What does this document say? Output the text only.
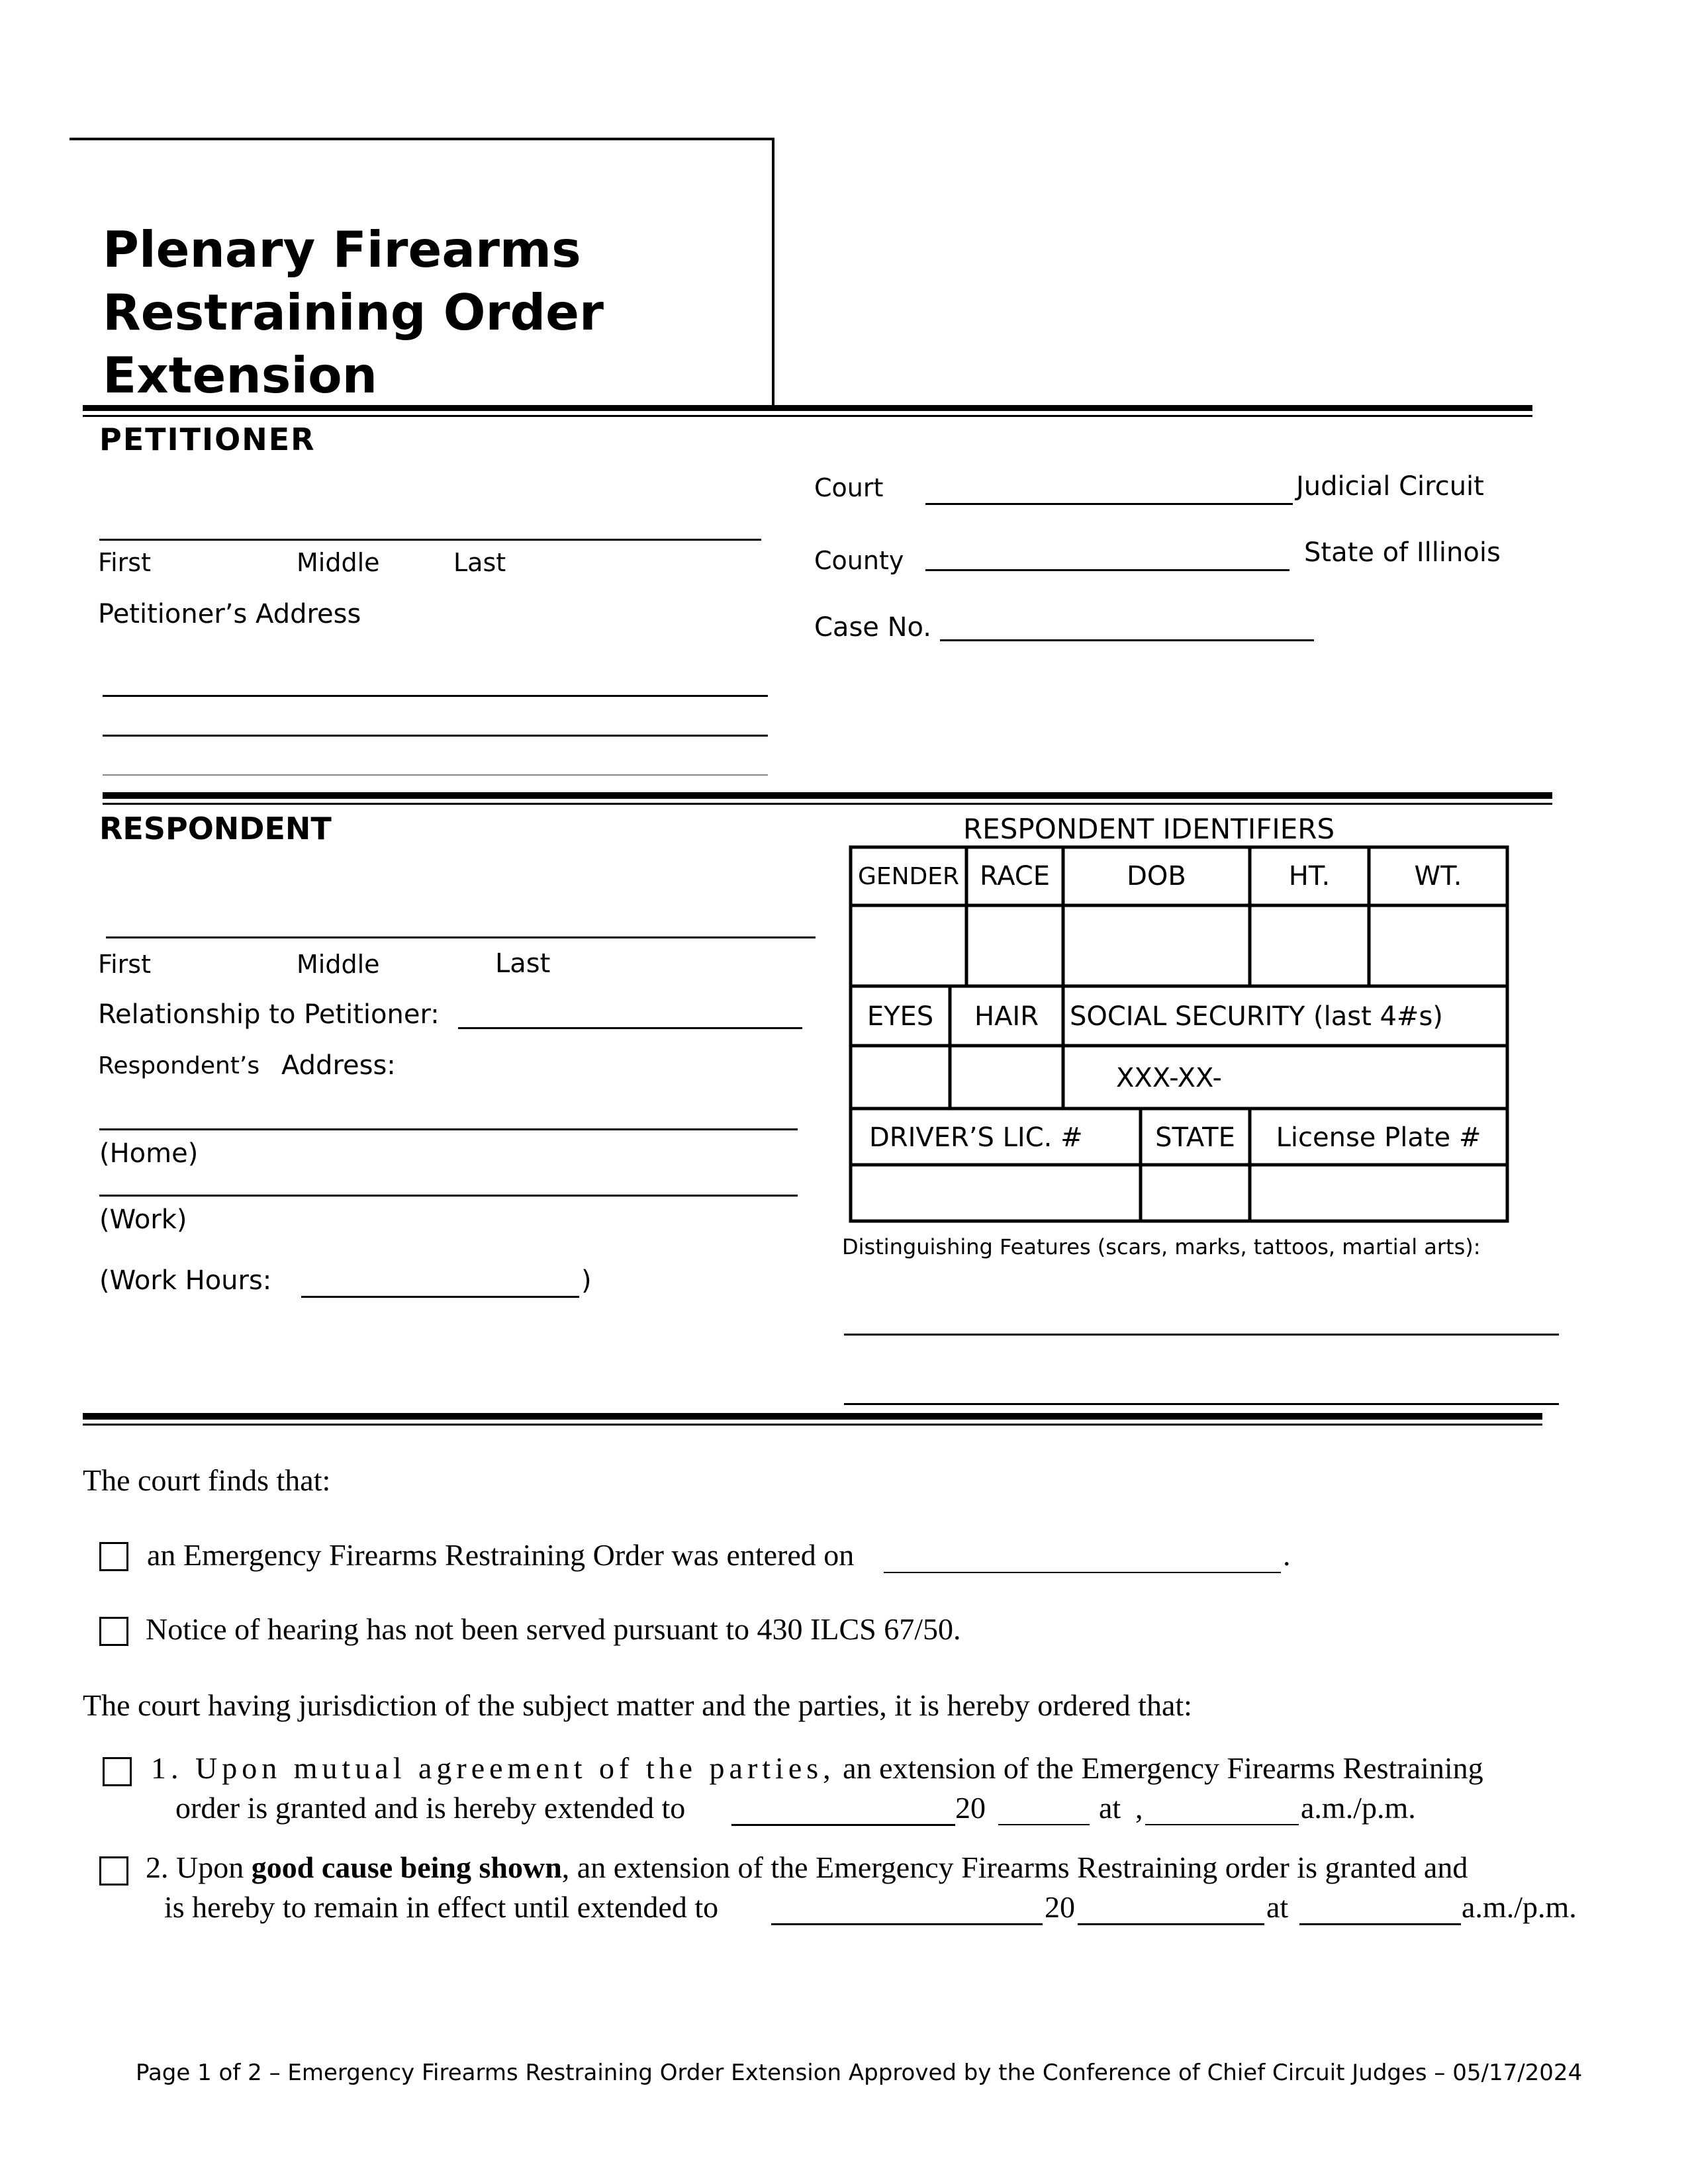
Plenary Firearms
Restraining Order
Extension
PETITIONER
First	Middle	Last
Petitioner’s Address
Court	Judicial Circuit
County	State of Illinois
Case No.
RESPONDENT
First	Middle	Last
Relationship to Petitioner:
Respondent’s Address:
(Home)
(Work)
(Work Hours:	)
RESPONDENT IDENTIFIERS
GENDER RACE	DOB	HT.	WT.
EYES	HAIR	SOCIAL SECURITY (last 4#s)
XXX-XX-
DRIVER’S LIC. #	STATE	License Plate #
Distinguishing Features (scars, marks, tattoos, martial arts):
The court finds that:
an Emergency Firearms Restraining Order was entered on	.
Notice of hearing has not been served pursuant to 430 ILCS 67/50.
The court having jurisdiction of the subject matter and the parties, it is hereby ordered that:
1. Upon mutual agreement of the parties, an extension of the Emergency Firearms Restraining
order is granted and is hereby extended to	20	at ,	a.m./p.m.
2. Upon good cause being shown, an extension of the Emergency Firearms Restraining order is granted and
is hereby to remain in effect until extended to	20	at	a.m./p.m.
Page 1 of 2 – Emergency Firearms Restraining Order Extension Approved by the Conference of Chief Circuit Judges – 05/17/2024
